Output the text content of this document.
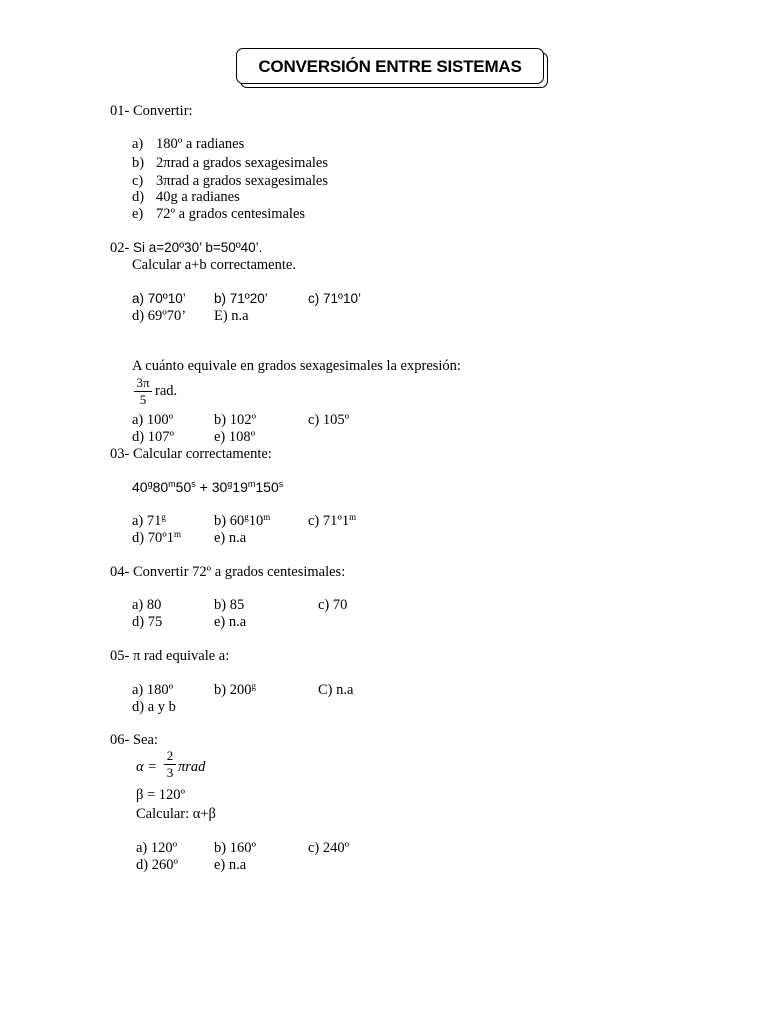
CONVERSIÓN ENTRE SISTEMAS
01- Convertir:
a) 180º a radianes
b) 2πrad a grados sexagesimales
c) 3πrad a grados sexagesimales
d) 40g a radianes
e) 72º a grados centesimales
02- Si a=20º30’ b=50º40’.
Calcular a+b correctamente.
a) 70º10’ b) 71º20’	c) 71º10’
d) 69º70’ E) n.a
A cuánto equivale en grados sexagesimales la expresión:
3π
5
rad.
a) 100º	b) 102º	c) 105º
d) 107º	e) 108º
03- Calcular correctamente:
$40^g80^m50^s + 30^g19^m150^s$
a) 71$^g$	b) 60$^g$10$^m$	c) 71º1$^m$
d) 70º1$^m$ e) n.a
04- Convertir 72º a grados centesimales:
a) 80	b) 85	c) 70
d) 75	e) n.a
05- π rad equivale a:
a) 180º	b) 200$^g$	C) n.a
d) a y b
06- Sea:
α =
2
3 πrad
β = 120º
Calcular: α+β
a) 120º	b) 160º	c) 240º
d) 260º e) n.a
